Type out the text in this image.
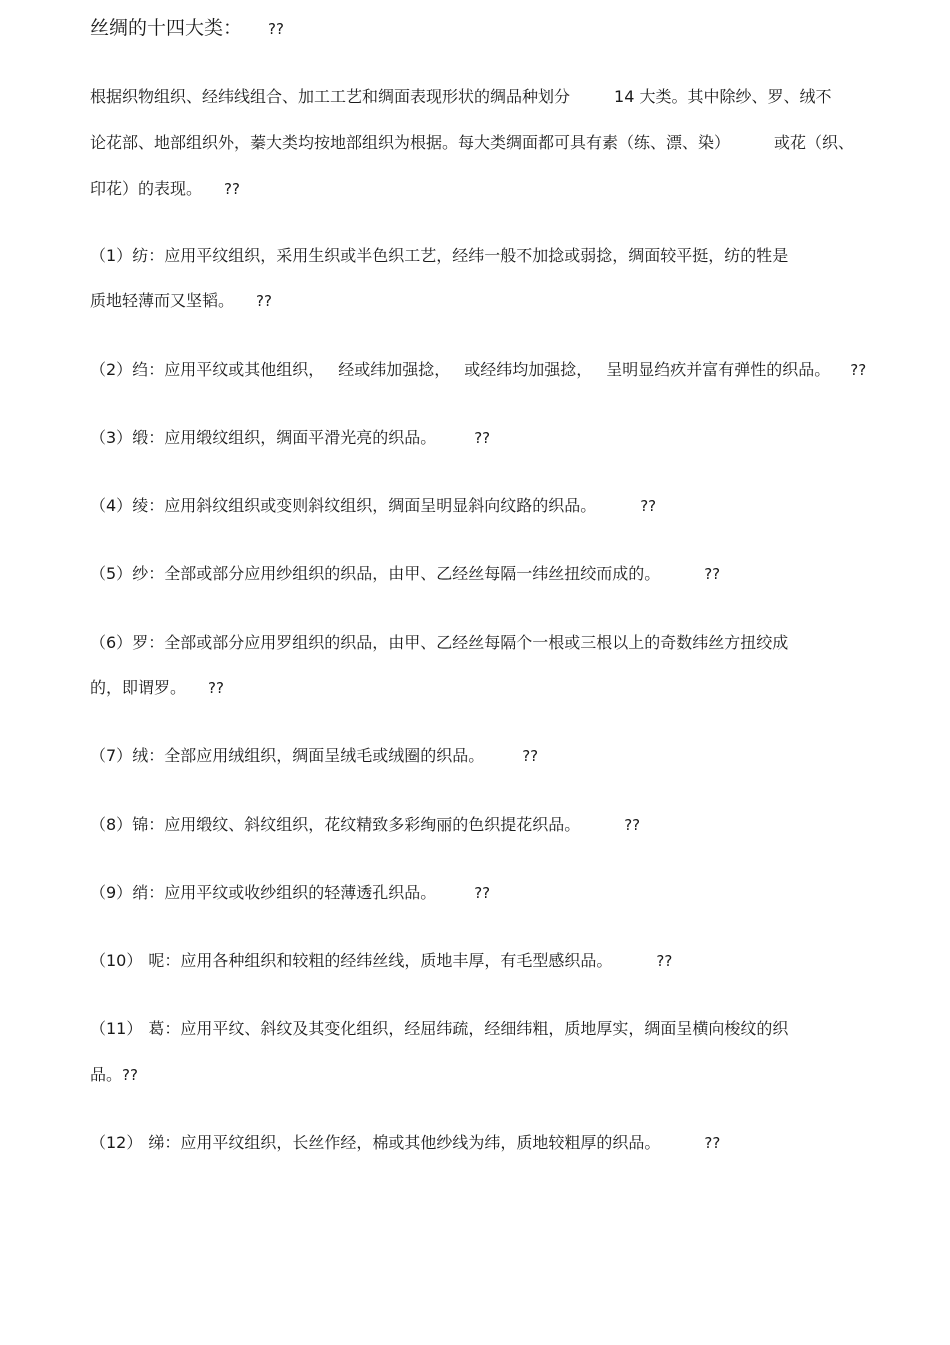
丝绸的十四大类： ??
根据织物组织、经纬线组合、加工工艺和绸面表现形状的绸品种划分	14 大类。其中除纱、罗、绒不
论花部、地部组织外，蓁大类均按地部组织为根据。每大类绸面都可具有素（练、漂、染）	或花（织、
印花）的表现。 ??
（1）纺：应用平纹组织，采用生织或半色织工艺，经纬一般不加捻或弱捻，绸面较平挺，纺的牲是
质地轻薄而又坚韬。 ??
（2）绉：应用平纹或其他组织， 经或纬加强捻， 或经纬均加强捻， 呈明显绉疚并富有弹性的织品。 ??
（3）缎：应用缎纹组织，绸面平滑光亮的织品。	??
（4）绫：应用斜纹组织或变则斜纹组织，绸面呈明显斜向纹路的织品。	??
（5）纱：全部或部分应用纱组织的织品，由甲、乙经丝每隔一纬丝扭绞而成的。	??
（6）罗：全部或部分应用罗组织的织品，由甲、乙经丝每隔个一根或三根以上的奇数纬丝方扭绞成
的，即谓罗。 ??
（7）绒：全部应用绒组织，绸面呈绒毛或绒圈的织品。	??
（8）锦：应用缎纹、斜纹组织，花纹精致多彩绚丽的色织提花织品。	??
（9）绡：应用平纹或收纱组织的轻薄透孔织品。	??
（10） 呢：应用各种组织和较粗的经纬丝线，质地丰厚，有毛型感织品。	??
（11） 葛：应用平纹、斜纹及其变化组织，经屈纬疏，经细纬粗，质地厚实，绸面呈横向梭纹的织
品。??
（12） 绨：应用平纹组织，长丝作经，棉或其他纱线为纬，质地较粗厚的织品。	??
